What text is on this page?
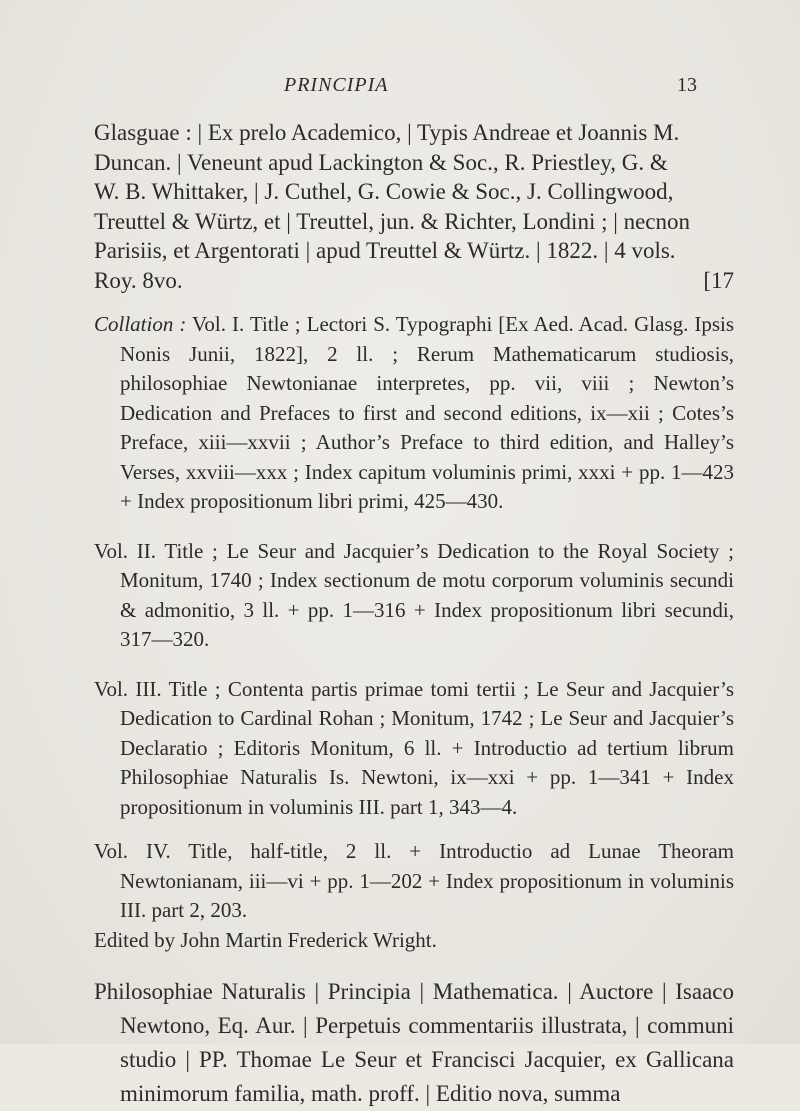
PRINCIPIA	13
Glasguae : | Ex prelo Academico, | Typis Andreae et Joannis M.
Duncan. | Veneunt apud Lackington & Soc., R. Priestley, G. &
W. B. Whittaker, | J. Cuthel, G. Cowie & Soc., J. Collingwood,
Treuttel & Würtz, et | Treuttel, jun. & Richter, Londini ; | necnon
Parisiis, et Argentorati | apud Treuttel & Würtz. | 1822. | 4 vols.
Roy. 8vo.	[17

Collation : Vol. I. Title ; Lectori S. Typographi [Ex Aed. Acad. Glasg. Ipsis Nonis Junii, 1822], 2 ll. ; Rerum Mathematicarum studiosis, philosophiae Newtonianae interpretes, pp. vii, viii ; Newton’s Dedication and Prefaces to first and second editions, ix—xii ; Cotes’s Preface, xiii—xxvii ; Author’s Preface to third edition, and Halley’s Verses, xxviii—xxx ; Index capitum voluminis primi, xxxi + pp. 1—423 + Index propositionum libri primi, 425—430.

Vol. II. Title ; Le Seur and Jacquier’s Dedication to the Royal Society ; Monitum, 1740 ; Index sectionum de motu corporum voluminis secundi & admonitio, 3 ll. + pp. 1—316 + Index propositionum libri secundi, 317—320.

Vol. III. Title ; Contenta partis primae tomi tertii ; Le Seur and Jacquier’s Dedication to Cardinal Rohan ; Monitum, 1742 ; Le Seur and Jacquier’s Declaratio ; Editoris Monitum, 6 ll. + Introductio ad tertium librum Philosophiae Naturalis Is. Newtoni, ix—xxi + pp. 1—341 + Index propositionum in voluminis III. part 1, 343—4.

Vol. IV. Title, half-title, 2 ll. + Introductio ad Lunae Theoram Newtonianam, iii—vi + pp. 1—202 + Index propositionum in voluminis III. part 2, 203.

Edited by John Martin Frederick Wright.

Philosophiae Naturalis | Principia | Mathematica. | Auctore | Isaaco Newtono, Eq. Aur. | Perpetuis commentariis illustrata, | communi studio | PP. Thomae Le Seur et Francisci Jacquier, ex Gallicana minimorum familia, math. proff. | Editio nova, summa
